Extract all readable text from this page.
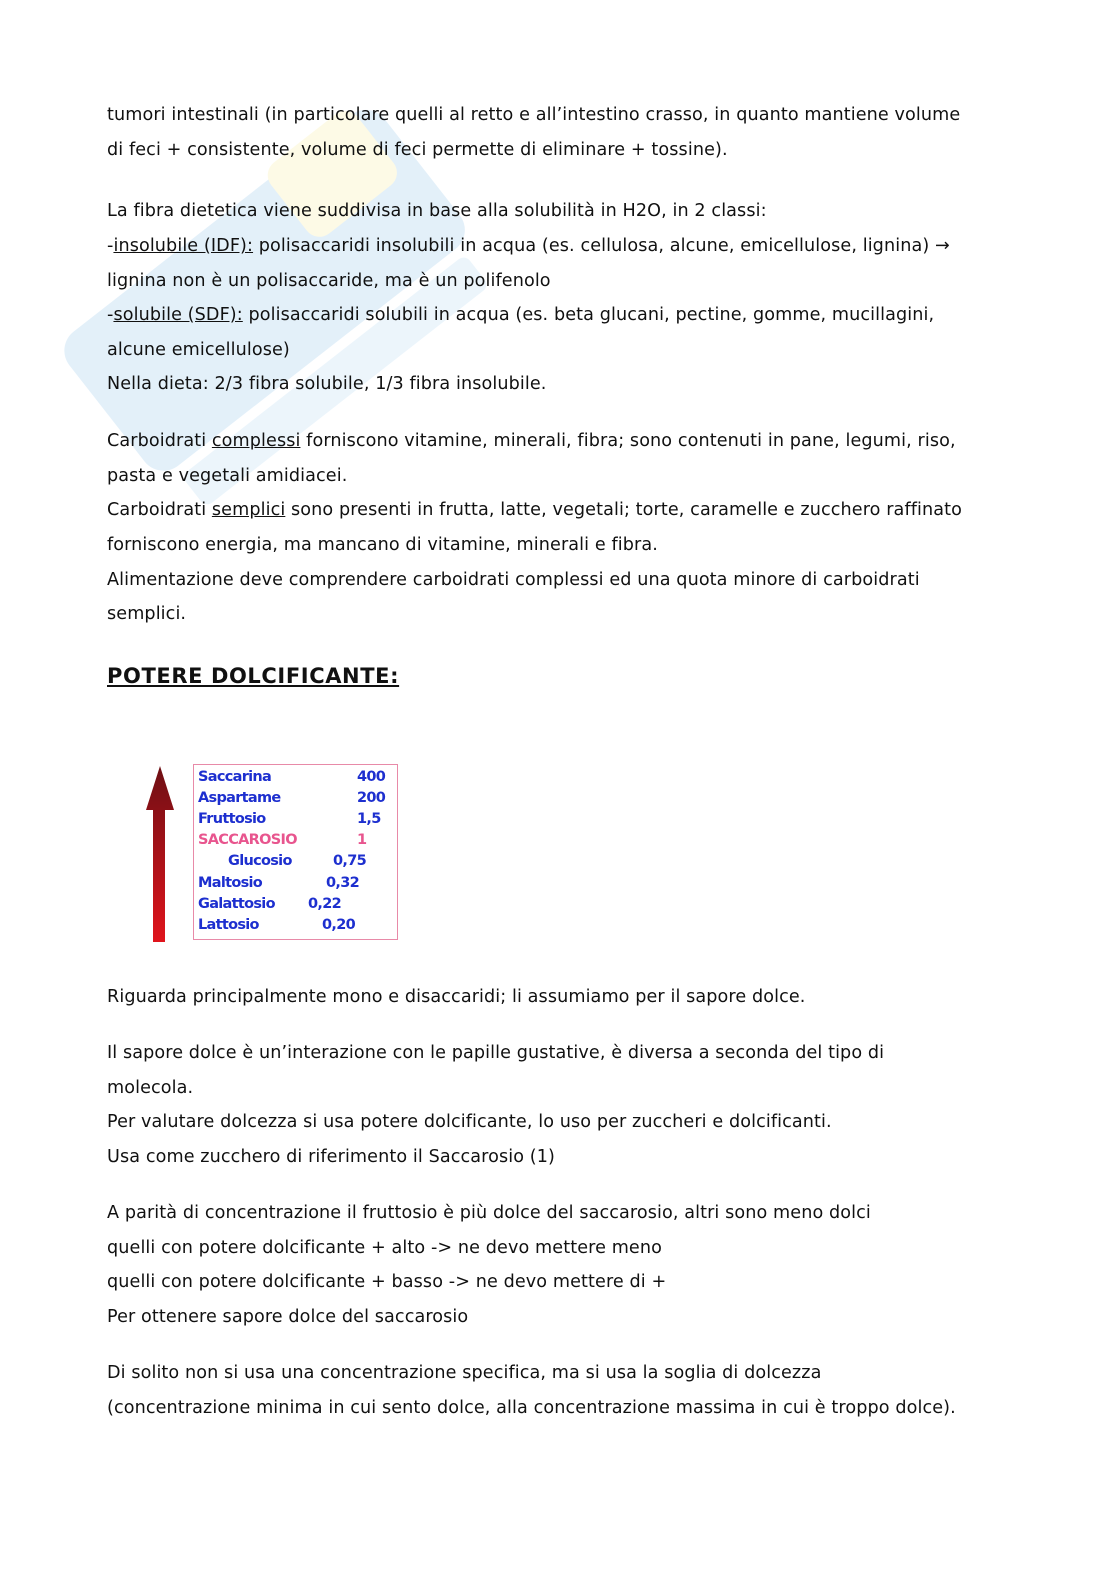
tumori intestinali (in particolare quelli al retto e all’intestino crasso, in quanto mantiene volume
di feci + consistente, volume di feci permette di eliminare + tossine).
La fibra dietetica viene suddivisa in base alla solubilità in H2O, in 2 classi:
-insolubile (IDF): polisaccaridi insolubili in acqua (es. cellulosa, alcune, emicellulose, lignina) →
lignina non è un polisaccaride, ma è un polifenolo
-solubile (SDF): polisaccaridi solubili in acqua (es. beta glucani, pectine, gomme, mucillagini,
alcune emicellulose)
Nella dieta: 2/3 fibra solubile, 1/3 fibra insolubile.
Carboidrati complessi forniscono vitamine, minerali, fibra; sono contenuti in pane, legumi, riso,
pasta e vegetali amidiacei.
Carboidrati semplici sono presenti in frutta, latte, vegetali; torte, caramelle e zucchero raffinato
forniscono energia, ma mancano di vitamine, minerali e fibra.
Alimentazione deve comprendere carboidrati complessi ed una quota minore di carboidrati
semplici.
POTERE DOLCIFICANTE:
Saccarina	400
Aspartame	200
Fruttosio	1,5
SACCAROSIO	1
Glucosio	0,75
Maltosio	0,32
Galattosio 0,22
Lattosio	0,20
Riguarda principalmente mono e disaccaridi; li assumiamo per il sapore dolce.
Il sapore dolce è un’interazione con le papille gustative, è diversa a seconda del tipo di
molecola.
Per valutare dolcezza si usa potere dolcificante, lo uso per zuccheri e dolcificanti.
Usa come zucchero di riferimento il Saccarosio (1)
A parità di concentrazione il fruttosio è più dolce del saccarosio, altri sono meno dolci
quelli con potere dolcificante + alto -> ne devo mettere meno
quelli con potere dolcificante + basso -> ne devo mettere di +
Per ottenere sapore dolce del saccarosio
Di solito non si usa una concentrazione specifica, ma si usa la soglia di dolcezza
(concentrazione minima in cui sento dolce, alla concentrazione massima in cui è troppo dolce).
